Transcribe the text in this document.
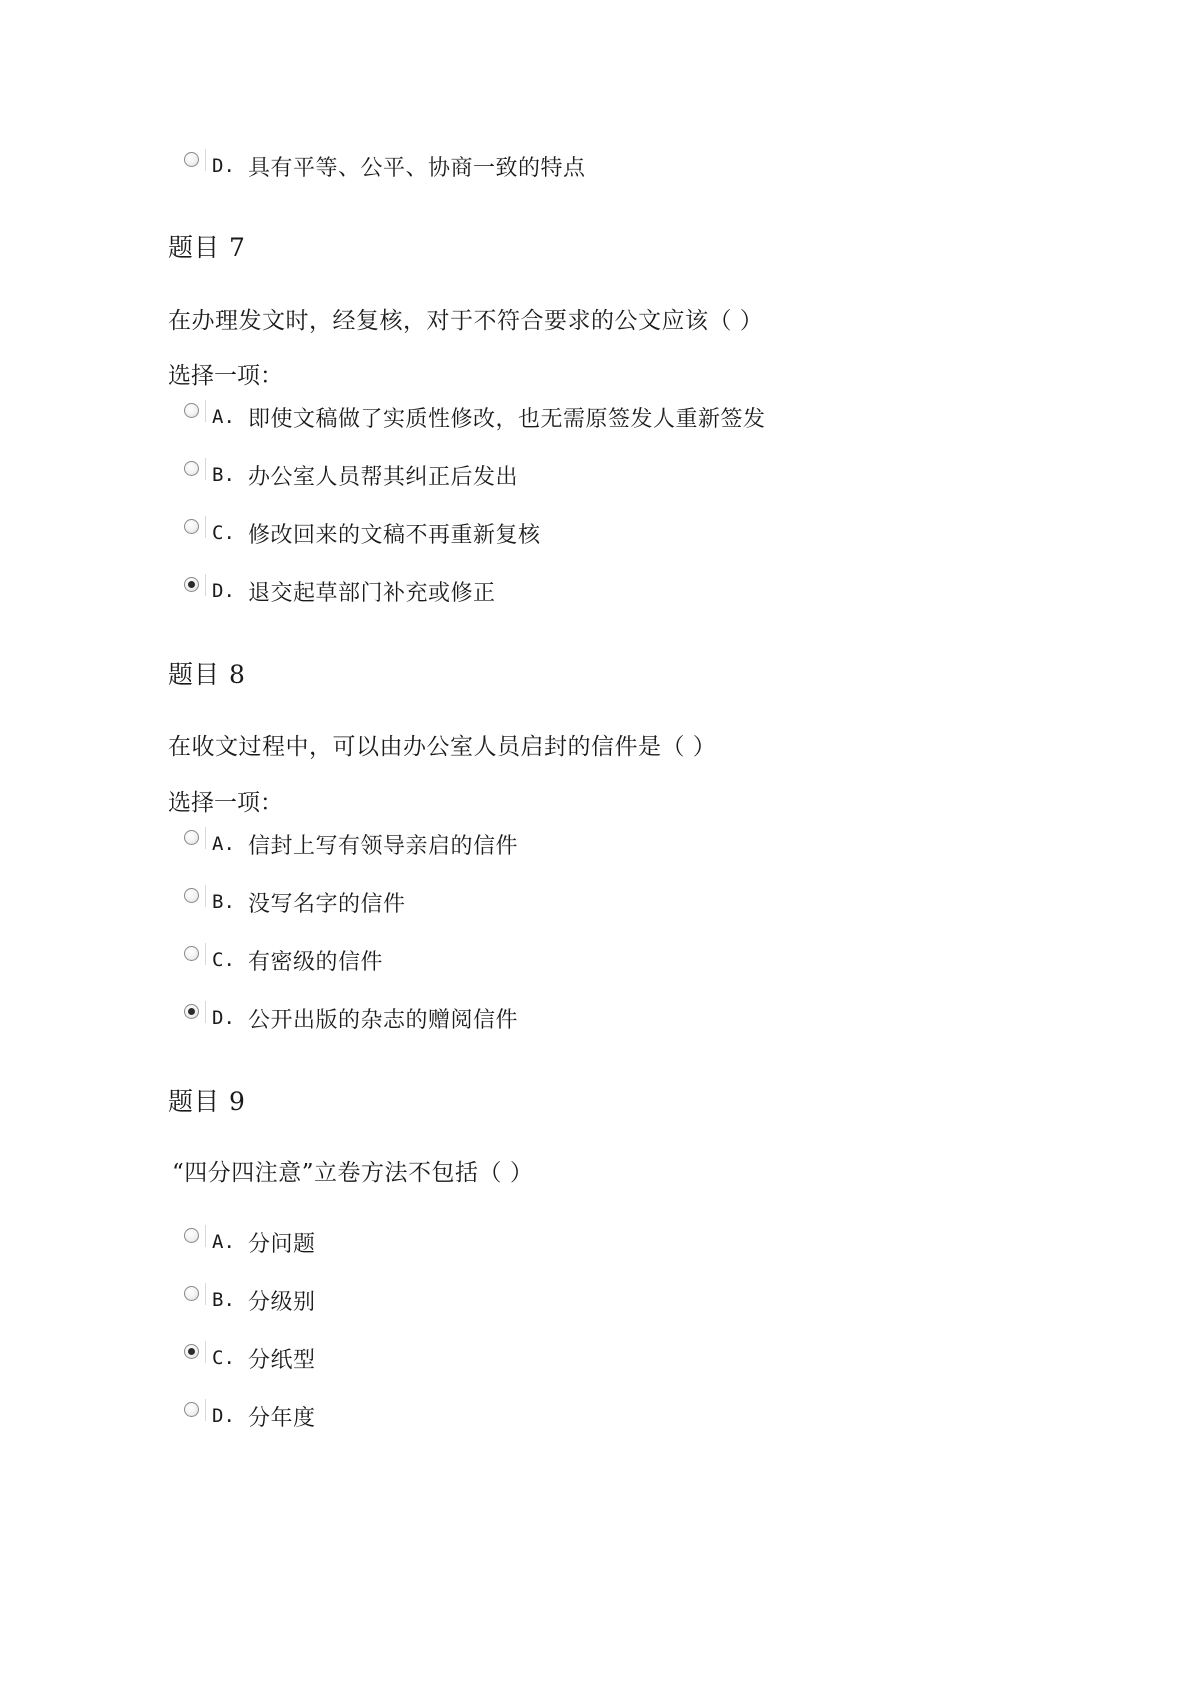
D. 具有平等、公平、协商一致的特点
题目 7
在办理发文时，经复核，对于不符合要求的公文应该（ ）
选择一项：
A. 即使文稿做了实质性修改，也无需原签发人重新签发
B. 办公室人员帮其纠正后发出
C. 修改回来的文稿不再重新复核
D. 退交起草部门补充或修正
题目 8
在收文过程中，可以由办公室人员启封的信件是（ ）
选择一项：
A. 信封上写有领导亲启的信件
B. 没写名字的信件
C. 有密级的信件
D. 公开出版的杂志的赠阅信件
题目 9
“四分四注意”立卷方法不包括（ ）
A. 分问题
B. 分级别
C. 分纸型
D. 分年度
